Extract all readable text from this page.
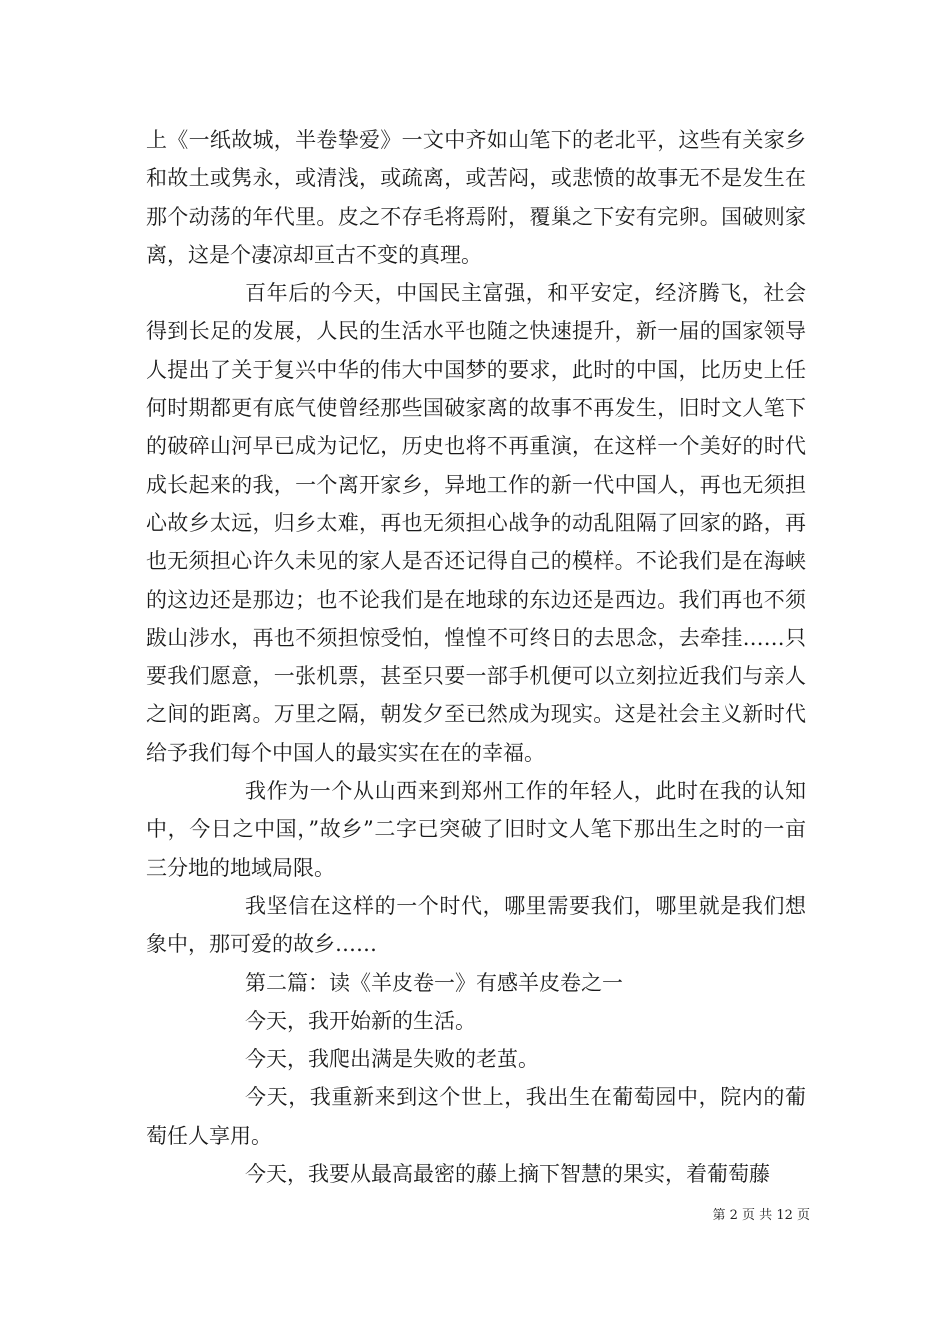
上《一纸故城，半卷挚爱》一文中齐如山笔下的老北平，这些有关家乡和故土或隽永，或清浅，或疏离，或苦闷，或悲愤的故事无不是发生在那个动荡的年代里。皮之不存毛将焉附，覆巢之下安有完卵。国破则家离，这是个凄凉却亘古不变的真理。

百年后的今天，中国民主富强，和平安定，经济腾飞，社会得到长足的发展，人民的生活水平也随之快速提升，新一届的国家领导人提出了关于复兴中华的伟大中国梦的要求，此时的中国，比历史上任何时期都更有底气使曾经那些国破家离的故事不再发生，旧时文人笔下的破碎山河早已成为记忆，历史也将不再重演，在这样一个美好的时代成长起来的我，一个离开家乡，异地工作的新一代中国人，再也无须担心故乡太远，归乡太难，再也无须担心战争的动乱阻隔了回家的路，再也无须担心许久未见的家人是否还记得自己的模样。不论我们是在海峡的这边还是那边；也不论我们是在地球的东边还是西边。我们再也不须跋山涉水，再也不须担惊受怕，惶惶不可终日的去思念，去牵挂……只要我们愿意，一张机票，甚至只要一部手机便可以立刻拉近我们与亲人之间的距离。万里之隔，朝发夕至已然成为现实。这是社会主义新时代给予我们每个中国人的最实实在在的幸福。

我作为一个从山西来到郑州工作的年轻人，此时在我的认知中，今日之中国，”故乡”二字已突破了旧时文人笔下那出生之时的一亩三分地的地域局限。

我坚信在这样的一个时代，哪里需要我们，哪里就是我们想象中，那可爱的故乡……

第二篇：读《羊皮卷一》有感羊皮卷之一

今天，我开始新的生活。

今天，我爬出满是失败的老茧。

今天，我重新来到这个世上，我出生在葡萄园中，院内的葡萄任人享用。

今天，我要从最高最密的藤上摘下智慧的果实，着葡萄藤

第 2 页 共 12 页
